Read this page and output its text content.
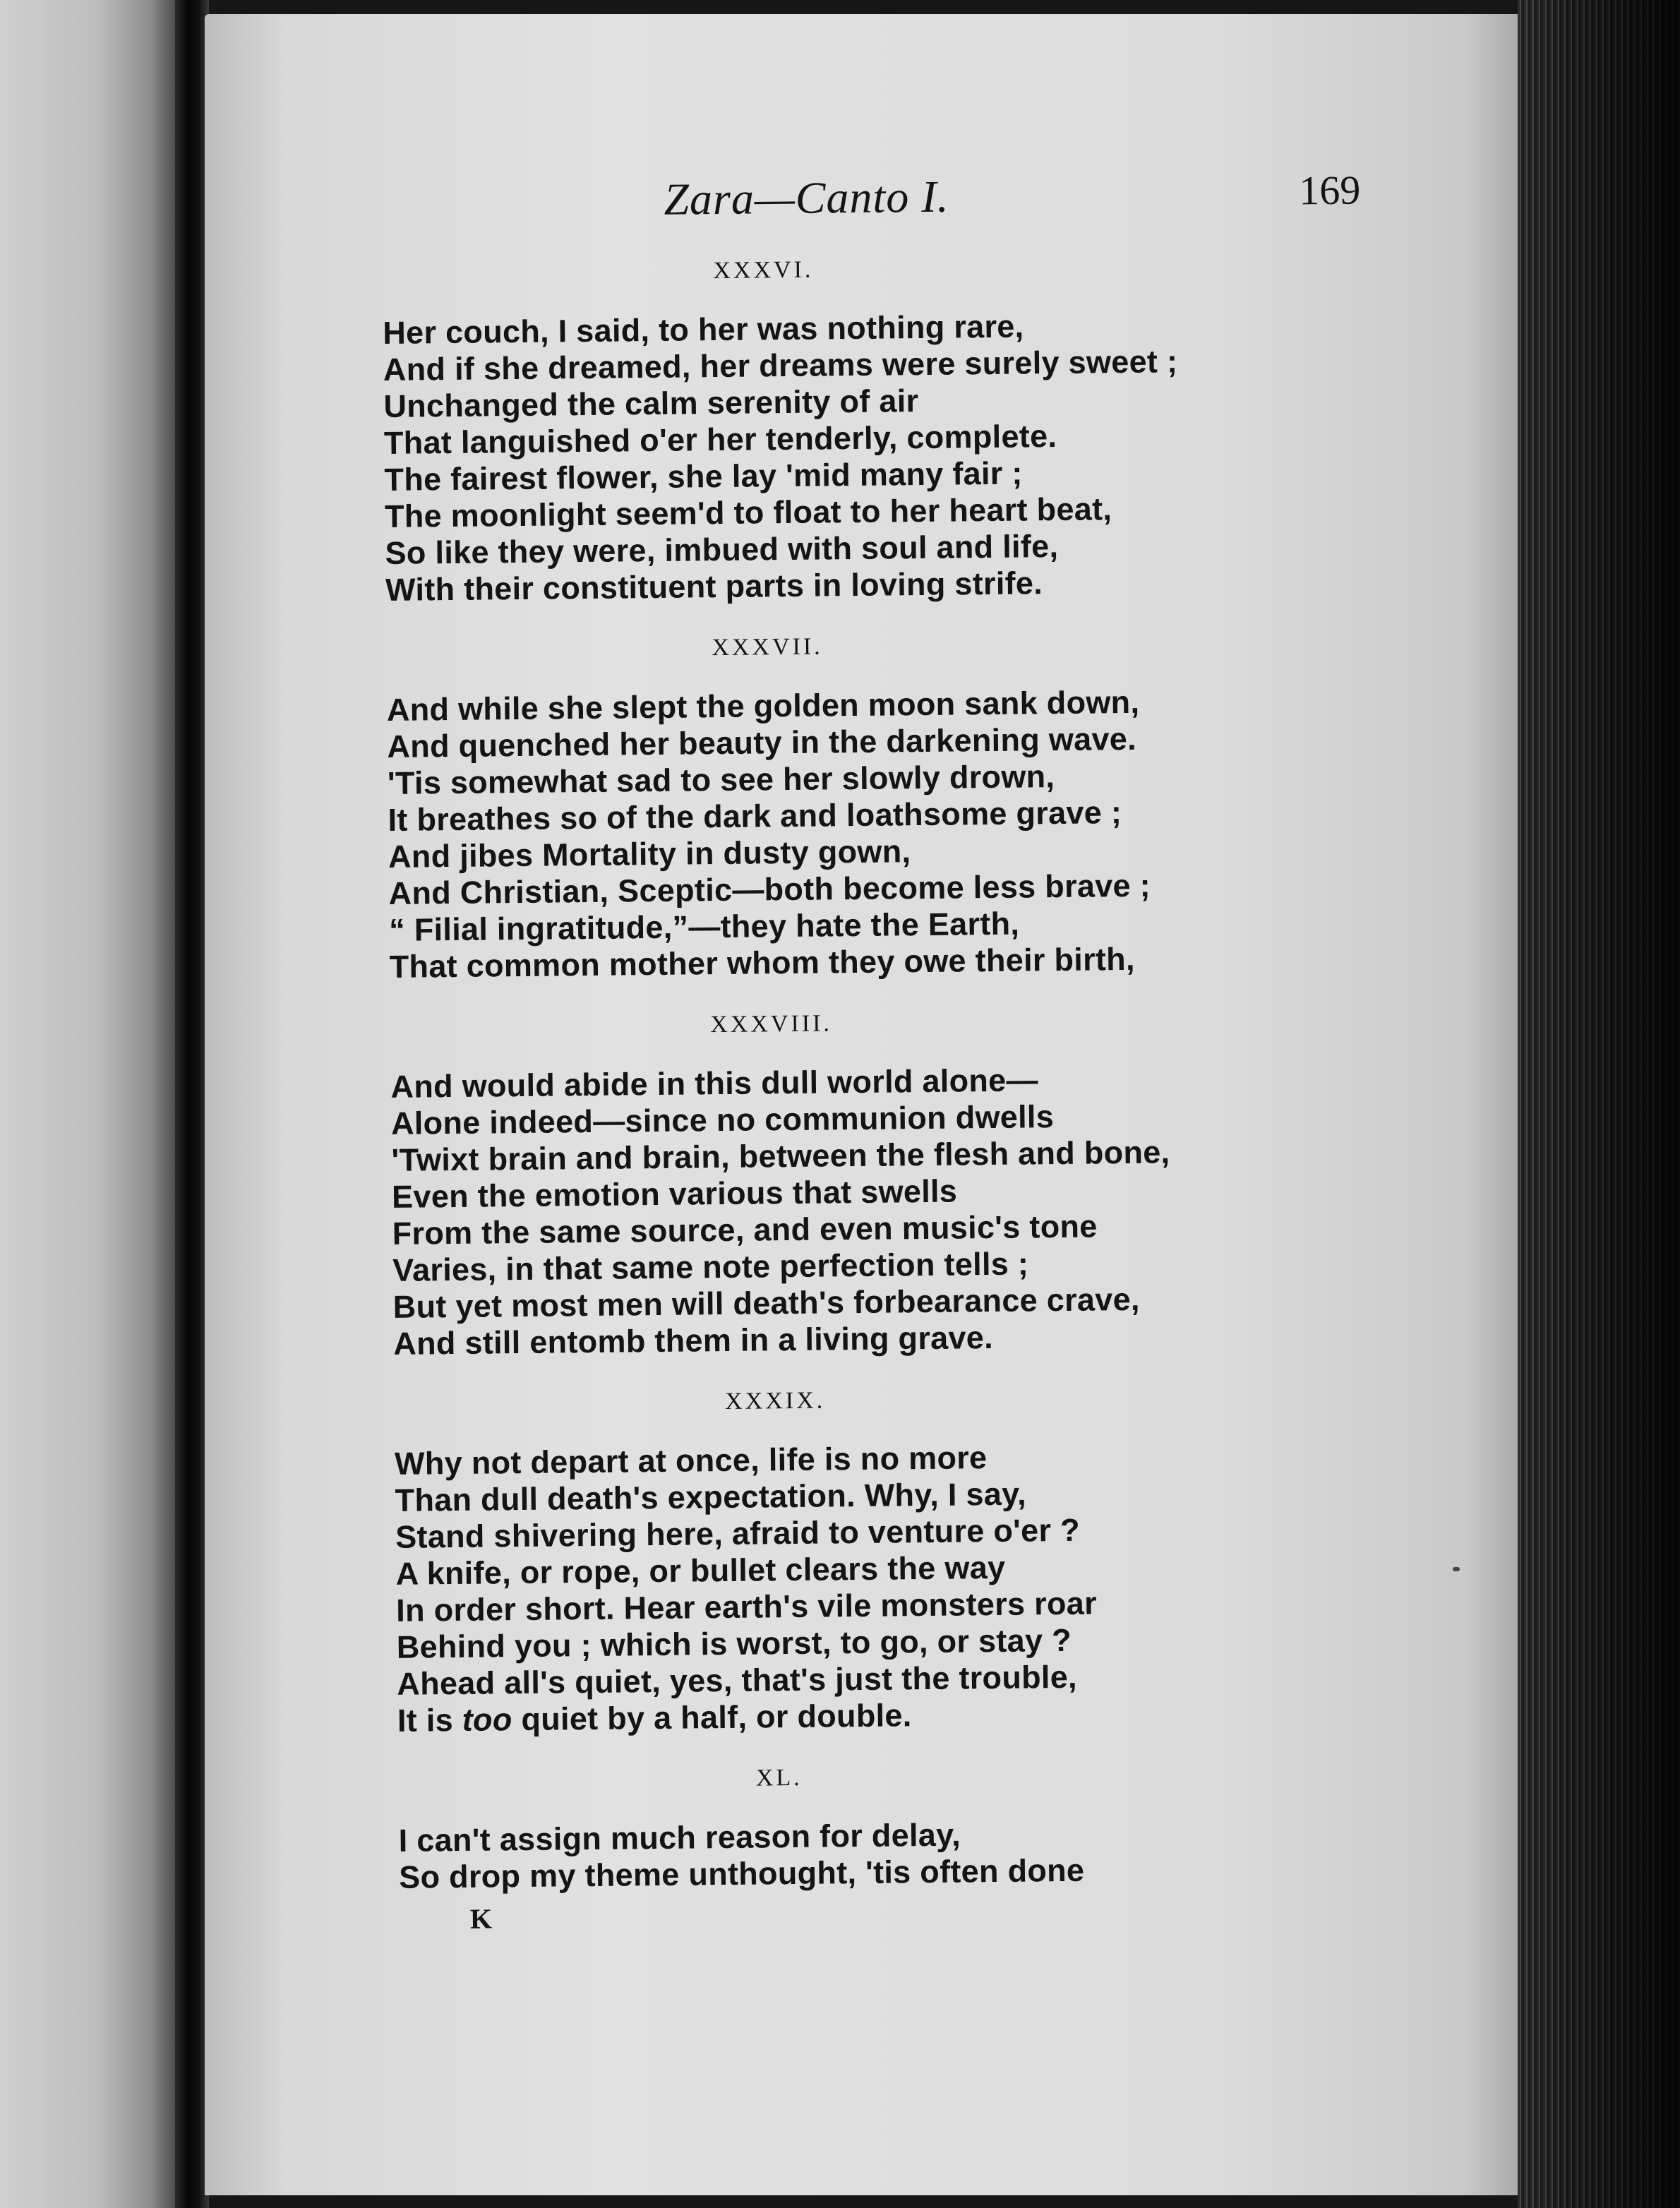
Zara—Canto I.	169
XXXVI.
Her couch, I said, to her was nothing rare,
And if she dreamed, her dreams were surely sweet ;
Unchanged the calm serenity of air
That languished o'er her tenderly, complete.
The fairest flower, she lay 'mid many fair ;
The moonlight seem'd to float to her heart beat,
So like they were, imbued with soul and life,
With their constituent parts in loving strife.
XXXVII.
And while she slept the golden moon sank down,
And quenched her beauty in the darkening wave.
'Tis somewhat sad to see her slowly drown,
It breathes so of the dark and loathsome grave ;
And jibes Mortality in dusty gown,
And Christian, Sceptic—both become less brave ;
“ Filial ingratitude,”—they hate the Earth,
That common mother whom they owe their birth,
XXXVIII.
And would abide in this dull world alone—
Alone indeed—since no communion dwells
'Twixt brain and brain, between the flesh and bone,
Even the emotion various that swells
From the same source, and even music's tone
Varies, in that same note perfection tells ;
But yet most men will death's forbearance crave,
And still entomb them in a living grave.
XXXIX.
Why not depart at once, life is no more
Than dull death's expectation. Why, I say,
Stand shivering here, afraid to venture o'er ?
A knife, or rope, or bullet clears the way
In order short. Hear earth's vile monsters roar
Behind you ; which is worst, to go, or stay ?
Ahead all's quiet, yes, that's just the trouble,
It is too quiet by a half, or double.
XL.
I can't assign much reason for delay,
So drop my theme unthought, 'tis often done
K
